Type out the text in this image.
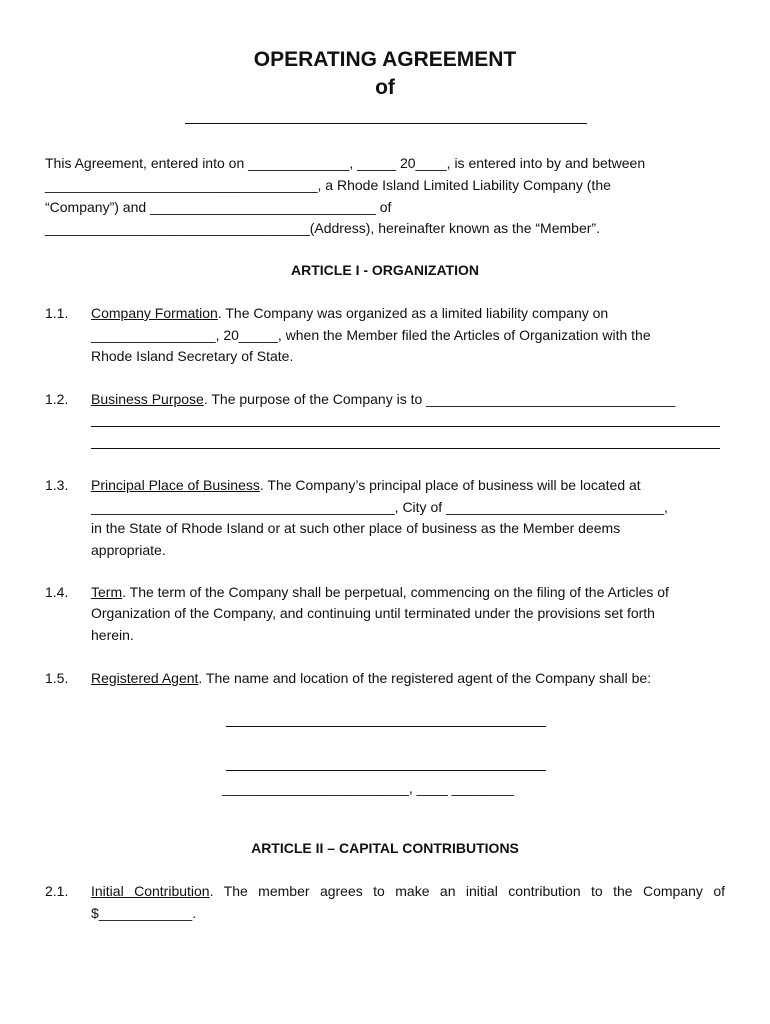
OPERATING AGREEMENT
of
This Agreement, entered into on _____________, _____ 20____, is entered into by and between
___________________________________, a Rhode Island Limited Liability Company (the
“Company”) and _____________________________ of
__________________________________(Address), hereinafter known as the “Member”.
ARTICLE I - ORGANIZATION
1.1. Company Formation. The Company was organized as a limited liability company on
________________, 20_____, when the Member filed the Articles of Organization with the
Rhode Island Secretary of State.
1.2. Business Purpose. The purpose of the Company is to ________________________________
1.3. Principal Place of Business. The Company’s principal place of business will be located at
_______________________________________, City of ____________________________,
in the State of Rhode Island or at such other place of business as the Member deems
appropriate.
1.4. Term. The term of the Company shall be perpetual, commencing on the filing of the Articles of
Organization of the Company, and continuing until terminated under the provisions set forth
herein.
1.5. Registered Agent. The name and location of the registered agent of the Company shall be:
________________________, ____ ________
ARTICLE II – CAPITAL CONTRIBUTIONS
2.1. Initial Contribution. The member agrees to make an initial contribution to the Company of
$____________.
